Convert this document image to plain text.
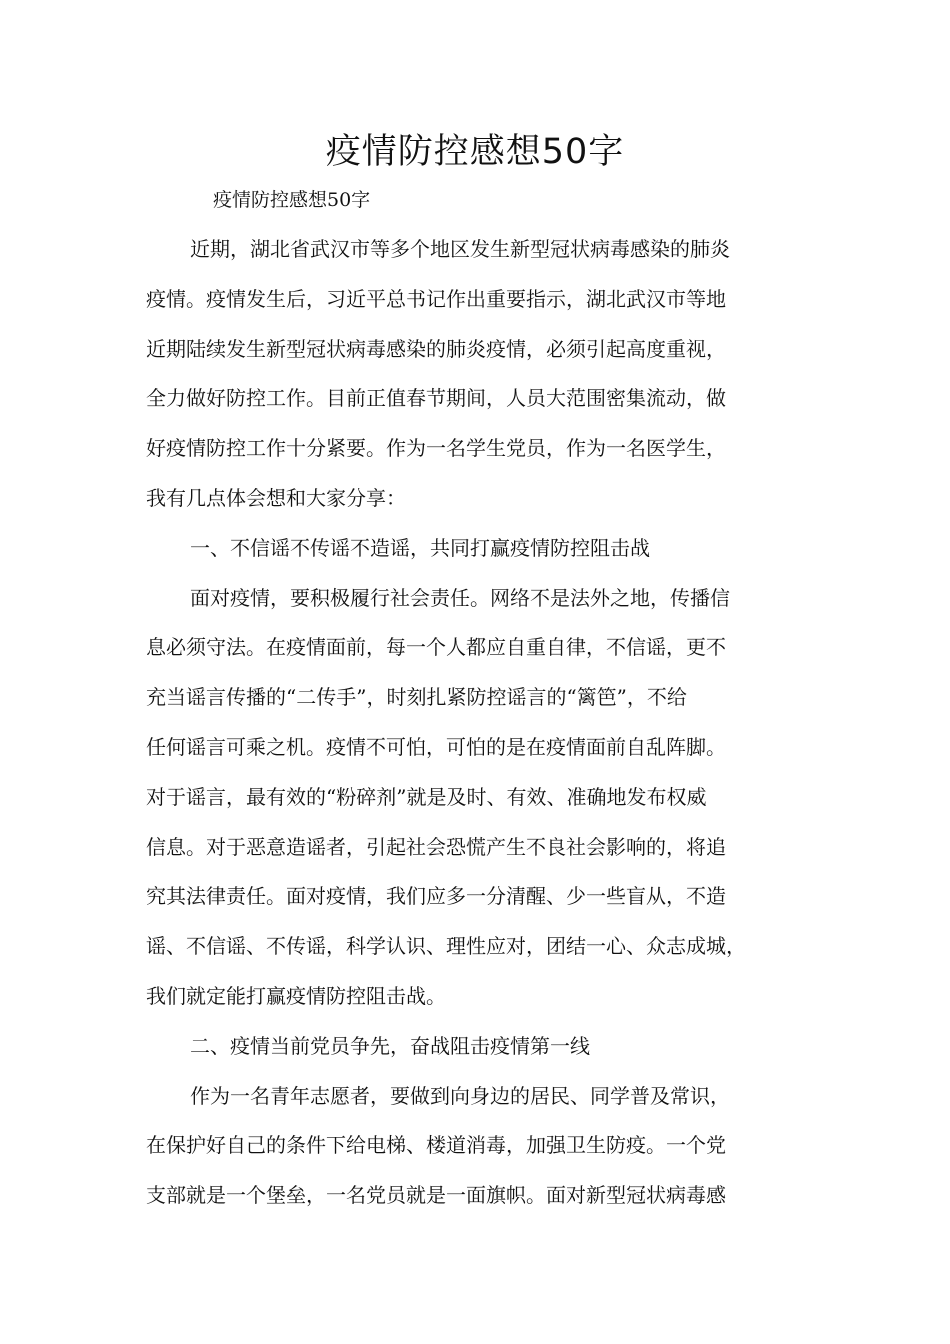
疫情防控感想50字

疫情防控感想50字

近期，湖北省武汉市等多个地区发生新型冠状病毒感染的肺炎
疫情。疫情发生后，习近平总书记作出重要指示，湖北武汉市等地
近期陆续发生新型冠状病毒感染的肺炎疫情，必须引起高度重视，
全力做好防控工作。目前正值春节期间，人员大范围密集流动，做
好疫情防控工作十分紧要。作为一名学生党员，作为一名医学生，
我有几点体会想和大家分享：

一、不信谣不传谣不造谣，共同打赢疫情防控阻击战

面对疫情，要积极履行社会责任。网络不是法外之地，传播信
息必须守法。在疫情面前，每一个人都应自重自律，不信谣，更不
充当谣言传播的“二传手”，时刻扎紧防控谣言的“篱笆”，不给
任何谣言可乘之机。疫情不可怕，可怕的是在疫情面前自乱阵脚。
对于谣言，最有效的“粉碎剂”就是及时、有效、准确地发布权威
信息。对于恶意造谣者，引起社会恐慌产生不良社会影响的，将追
究其法律责任。面对疫情，我们应多一分清醒、少一些盲从，不造
谣、不信谣、不传谣，科学认识、理性应对，团结一心、众志成城，
我们就定能打赢疫情防控阻击战。

二、疫情当前党员争先，奋战阻击疫情第一线

作为一名青年志愿者，要做到向身边的居民、同学普及常识，
在保护好自己的条件下给电梯、楼道消毒，加强卫生防疫。一个党
支部就是一个堡垒，一名党员就是一面旗帜。面对新型冠状病毒感
